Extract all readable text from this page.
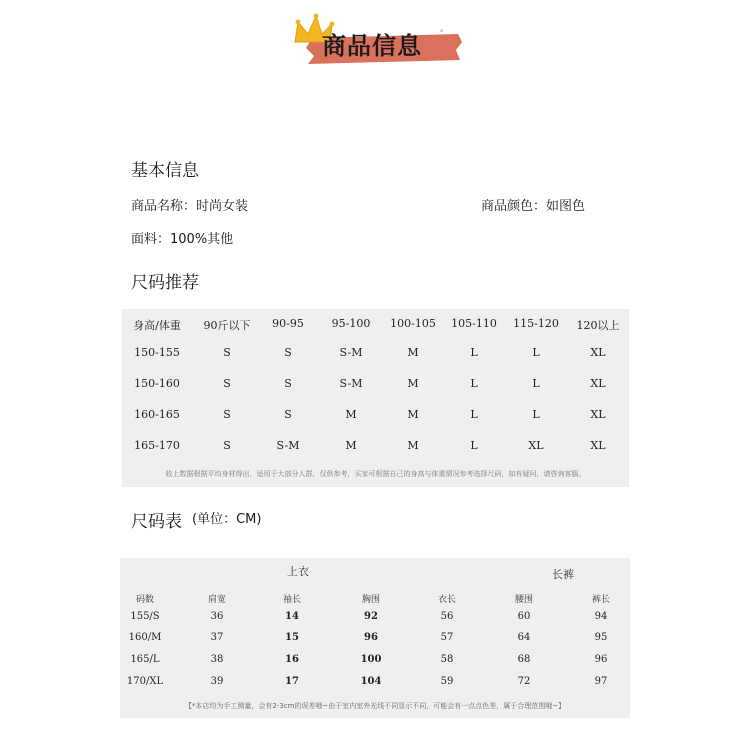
商品信息
。
基本信息
商品名称：时尚女装	商品颜色：如图色
面料：100%其他
尺码推荐
身高/体重 90斤以下 90-95	95-100 100-105 105-110 115-120 120以上
150-155	S	S	S-M	M	L	L	XL
150-160	S	S	S-M	M	L	L	XL
160-165	S	S	M	M	L	L	XL
165-170	S	S-M	M	M	L	XL	XL
收上数据根据平均身材得出，适用于大部分人群，仅供参考，买家可根据自己的身高与体重情况参考选择尺码，如有疑问，请咨询客服。
尺码表 (单位：CM)
上衣	长裤
码数	肩宽	袖长	胸围	衣长	腰围	裤长
155/S	36	14	92	56	60	94
160/M	37	15	96	57	64	95
165/L	38	16	100	58	68	96
170/XL	39	17	104	59	72	97
【*本店均为手工测量，会有2-3cm的误差哦~由于室内室外光线不同显示不同，可能会有一点点色差，属于合理范围哦~】
